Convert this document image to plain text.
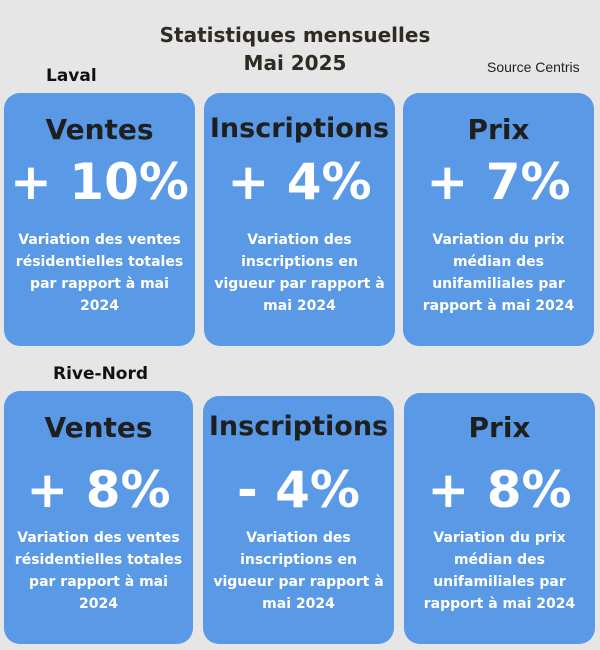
Statistiques mensuelles
Mai 2025	Source Centris
Laval
Ventes
+ 10%
Variation des ventes résidentielles totales par rapport à mai 2024
Inscriptions
+ 4%
Variation des inscriptions en vigueur par rapport à mai 2024
Prix
+ 7%
Variation du prix médian des unifamiliales par rapport à mai 2024
Rive-Nord
Ventes
+ 8%
Variation des ventes résidentielles totales par rapport à mai 2024
Inscriptions
- 4%
Variation des inscriptions en vigueur par rapport à mai 2024
Prix
+ 8%
Variation du prix médian des unifamiliales par rapport à mai 2024
